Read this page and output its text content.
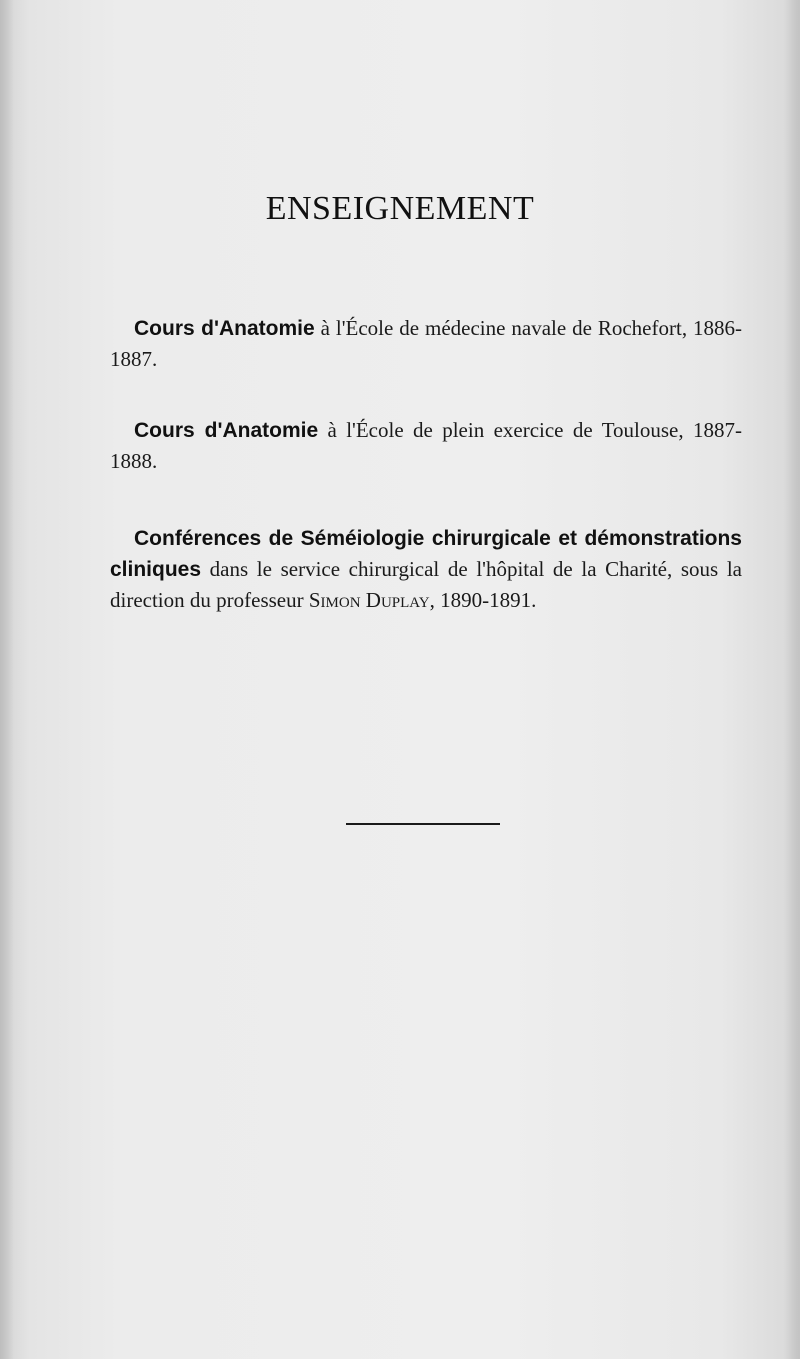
ENSEIGNEMENT

Cours d'Anatomie à l'École de médecine navale de Rochefort, 1886-1887.

Cours d'Anatomie à l'École de plein exercice de Toulouse, 1887-1888.

Conférences de Séméiologie chirurgicale et démonstrations cliniques dans le service chirurgical de l'hôpital de la Charité, sous la direction du professeur Simon Duplay, 1890-1891.
